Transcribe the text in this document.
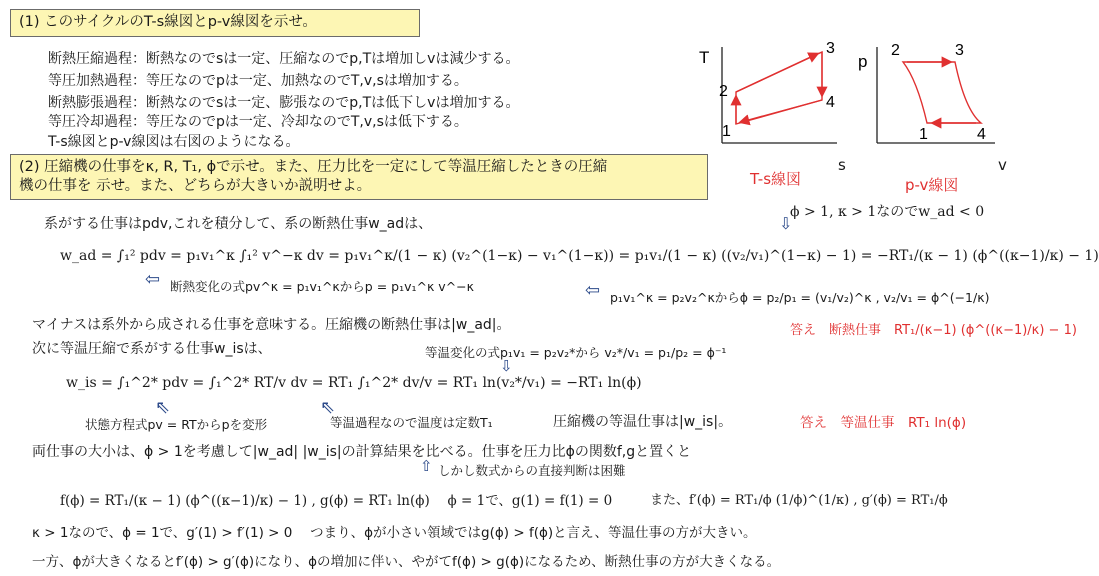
(1) このサイクルのT-s線図とp-v線図を示せ。
断熱圧縮過程：断熱なのでsは一定、圧縮なのでp,Tは増加しvは減少する。
等圧加熱過程：等圧なのでpは一定、加熱なのでT,v,sは増加する。
断熱膨張過程：断熱なのでsは一定、膨張なのでp,Tは低下しvは増加する。
等圧冷却過程：等圧なのでpは一定、冷却なのでT,v,sは低下する。
T-s線図とp-v線図は右図のようになる。
T
1
2
3
4
s
T-s線図
p
1
2	3
4
v
p-v線図
(2) 圧縮機の仕事をκ, R, T₁, ϕで示せ。また、圧力比を一定にして等温圧縮したときの圧縮
機の仕事を 示せ。また、どちらが大きいか説明せよ。
ϕ > 1, κ > 1なのでw_ad < 0
⇩
系がする仕事はpdv,これを積分して、系の断熱仕事w_adは、
w_ad = ∫₁² pdv = p₁v₁^κ ∫₁² v^−κ dv = p₁v₁^κ/(1 − κ) (v₂^(1−κ) − v₁^(1−κ)) = p₁v₁/(1 − κ) ((v₂/v₁)^(1−κ) − 1) = −RT₁/(κ − 1) (ϕ^((κ−1)/κ) − 1)
⇦ 断熱変化の式pv^κ = p₁v₁^κからp = p₁v₁^κ v^−κ	⇦ p₁v₁^κ = p₂v₂^κからϕ = p₂/p₁ = (v₁/v₂)^κ , v₂/v₁ = ϕ^(−1/κ)
マイナスは系外から成される仕事を意味する。圧縮機の断熱仕事は|w_ad|。	答え　断熱仕事　RT₁/(κ−1) (ϕ^((κ−1)/κ) − 1)
次に等温圧縮で系がする仕事w_isは、	等温変化の式p₁v₁ = p₂v₂*から v₂*/v₁ = p₁/p₂ = ϕ⁻¹
⇩
w_is = ∫₁^2* pdv = ∫₁^2* RT/v dv = RT₁ ∫₁^2* dv/v = RT₁ ln(v₂*/v₁) = −RT₁ ln(ϕ)
⇖
状態方程式pv = RTからpを変形
⇖
等温過程なので温度は定数T₁	圧縮機の等温仕事は|w_is|。	答え　等温仕事　RT₁ ln(ϕ)
両仕事の大小は、ϕ > 1を考慮して|w_ad| |w_is|の計算結果を比べる。仕事を圧力比ϕの関数f,gと置くと
⇧ しかし数式からの直接判断は困難
f(ϕ) = RT₁/(κ − 1) (ϕ^((κ−1)/κ) − 1) , g(ϕ) = RT₁ ln(ϕ)　 ϕ = 1で、g(1) = f(1) = 0	また、f′(ϕ) = RT₁/ϕ (1/ϕ)^(1/κ) , g′(ϕ) = RT₁/ϕ
κ > 1なので、ϕ = 1で、g′(1) > f′(1) > 0　 つまり、ϕが小さい領域ではg(ϕ) > f(ϕ)と言え、等温仕事の方が大きい。
一方、ϕが大きくなるとf′(ϕ) > g′(ϕ)になり、ϕの増加に伴い、やがてf(ϕ) > g(ϕ)になるため、断熱仕事の方が大きくなる。
